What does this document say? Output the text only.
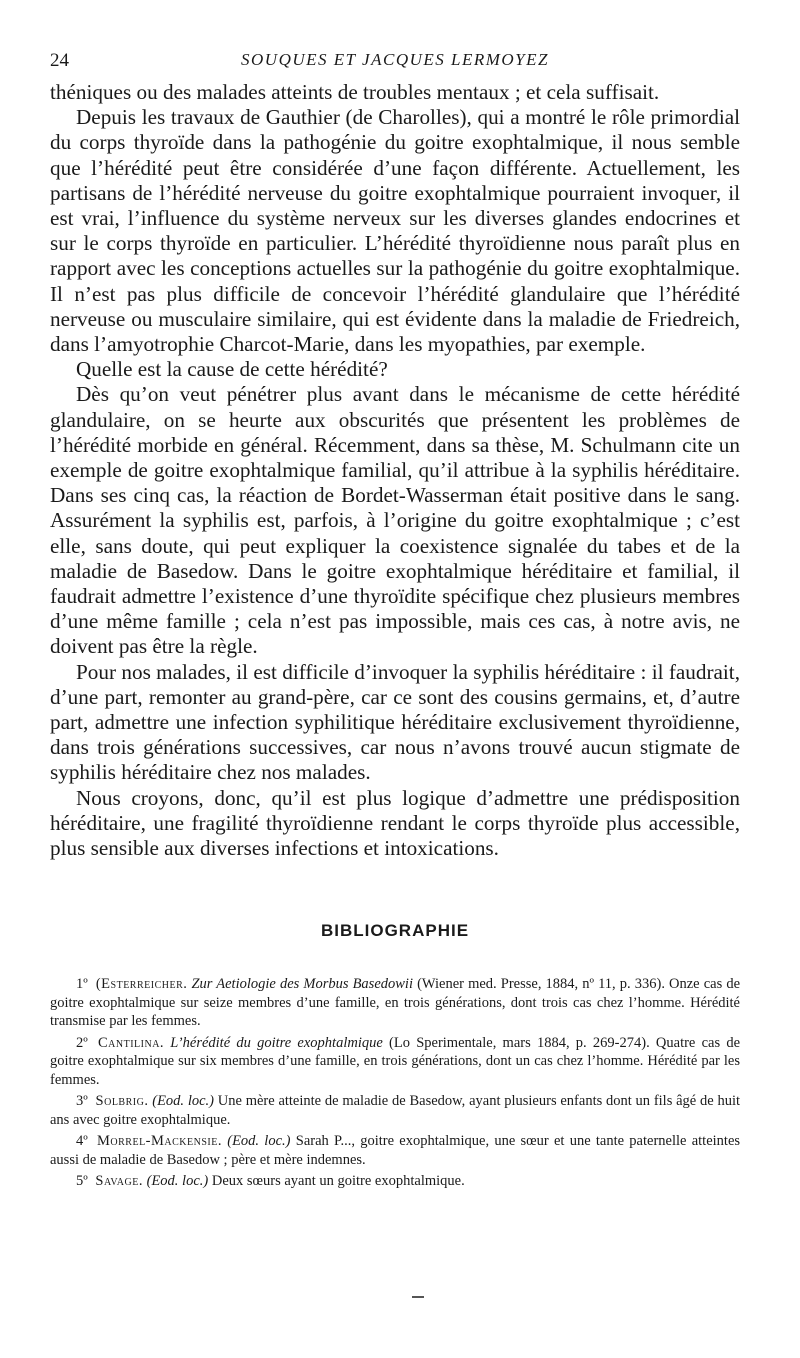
24	SOUQUES ET JACQUES LERMOYEZ

théniques ou des malades atteints de troubles mentaux ; et cela suffisait.

Depuis les travaux de Gauthier (de Charolles), qui a montré le rôle primordial du corps thyroïde dans la pathogénie du goitre exophtalmique, il nous semble que l’hérédité peut être considérée d’une façon différente. Actuellement, les partisans de l’hérédité nerveuse du goitre exophtalmique pourraient invoquer, il est vrai, l’influence du système nerveux sur les diverses glandes endocrines et sur le corps thyroïde en particulier. L’hérédité thyroïdienne nous paraît plus en rapport avec les conceptions actuelles sur la pathogénie du goitre exophtalmique. Il n’est pas plus difficile de concevoir l’hérédité glandulaire que l’hérédité nerveuse ou musculaire similaire, qui est évidente dans la maladie de Friedreich, dans l’amyotrophie Charcot-Marie, dans les myopathies, par exemple.

Quelle est la cause de cette hérédité?

Dès qu’on veut pénétrer plus avant dans le mécanisme de cette hérédité glandulaire, on se heurte aux obscurités que présentent les problèmes de l’hérédité morbide en général. Récemment, dans sa thèse, M. Schulmann cite un exemple de goitre exophtalmique familial, qu’il attribue à la syphilis héréditaire. Dans ses cinq cas, la réaction de Bordet-Wasserman était positive dans le sang. Assurément la syphilis est, parfois, à l’origine du goitre exophtalmique ; c’est elle, sans doute, qui peut expliquer la coexistence signalée du tabes et de la maladie de Basedow. Dans le goitre exophtalmique héréditaire et familial, il faudrait admettre l’existence d’une thyroïdite spécifique chez plusieurs membres d’une même famille ; cela n’est pas impossible, mais ces cas, à notre avis, ne doivent pas être la règle.

Pour nos malades, il est difficile d’invoquer la syphilis héréditaire : il faudrait, d’une part, remonter au grand-père, car ce sont des cousins germains, et, d’autre part, admettre une infection syphilitique héréditaire exclusivement thyroïdienne, dans trois générations successives, car nous n’avons trouvé aucun stigmate de syphilis héréditaire chez nos malades.

Nous croyons, donc, qu’il est plus logique d’admettre une prédisposition héréditaire, une fragilité thyroïdienne rendant le corps thyroïde plus accessible, plus sensible aux diverses infections et intoxications.

BIBLIOGRAPHIE

1º (Esterreicher. Zur Aetiologie des Morbus Basedowii (Wiener med. Presse, 1884, nº 11, p. 336). Onze cas de goitre exophtalmique sur seize membres d’une famille, en trois générations, dont trois cas chez l’homme. Hérédité transmise par les femmes.

2º Cantilina. L’hérédité du goitre exophtalmique (Lo Sperimentale, mars 1884, p. 269-274). Quatre cas de goitre exophtalmique sur six membres d’une famille, en trois générations, dont un cas chez l’homme. Hérédité par les femmes.

3º Solbrig. (Eod. loc.) Une mère atteinte de maladie de Basedow, ayant plusieurs enfants dont un fils âgé de huit ans avec goitre exophtalmique.

4º Morrel-Mackensie. (Eod. loc.) Sarah P..., goitre exophtalmique, une sœur et une tante paternelle atteintes aussi de maladie de Basedow ; père et mère indemnes.

5º Savage. (Eod. loc.) Deux sœurs ayant un goitre exophtalmique.
